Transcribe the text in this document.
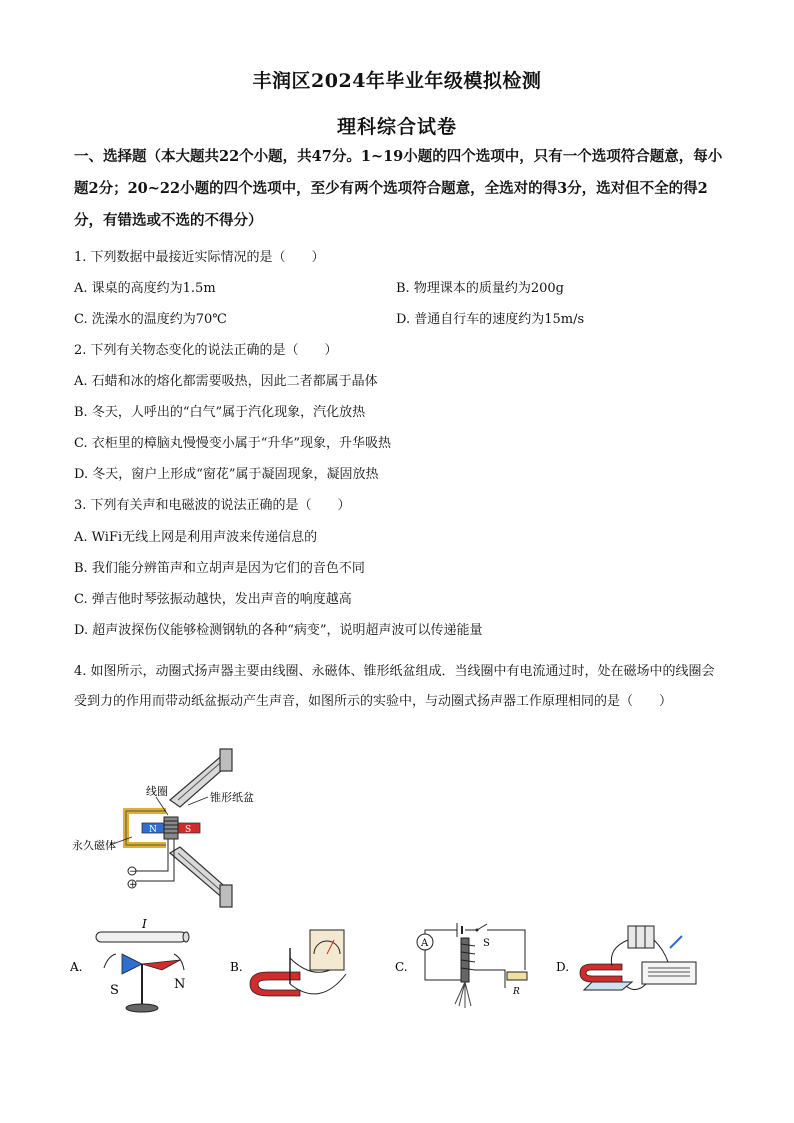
丰润区2024年毕业年级模拟检测
理科综合试卷
一、选择题（本大题共22个小题，共47分。1~19小题的四个选项中，只有一个选项符合题意，每小题2分；20~22小题的四个选项中，至少有两个选项符合题意，全选对的得3分，选对但不全的得2分，有错选或不选的不得分）
1. 下列数据中最接近实际情况的是（　　）
A. 课桌的高度约为1.5m	B. 物理课本的质量约为200g
C. 洗澡水的温度约为70℃	D. 普通自行车的速度约为15m/s
2. 下列有关物态变化的说法正确的是（　　）
A. 石蜡和冰的熔化都需要吸热，因此二者都属于晶体
B. 冬天，人呼出的“白气”属于汽化现象，汽化放热
C. 衣柜里的樟脑丸慢慢变小属于“升华”现象，升华吸热
D. 冬天，窗户上形成“窗花”属于凝固现象，凝固放热
3. 下列有关声和电磁波的说法正确的是（　　）
A. WiFi无线上网是利用声波来传递信息的
B. 我们能分辨笛声和立胡声是因为它们的音色不同
C. 弹吉他时琴弦振动越快，发出声音的响度越高
D. 超声波探伤仪能够检测钢轨的各种“病变”，说明超声波可以传递能量
4. 如图所示，动圈式扬声器主要由线圈、永磁体、锥形纸盆组成．当线圈中有电流通过时，处在磁场中的线圈会受到力的作用而带动纸盆振动产生声音，如图所示的实验中，与动圈式扬声器工作原理相同的是（　　）
线圈	锥形纸盆
永久磁体
N	S
−
+
A.
I
S	N
B.	C.
S
A
R
D.
